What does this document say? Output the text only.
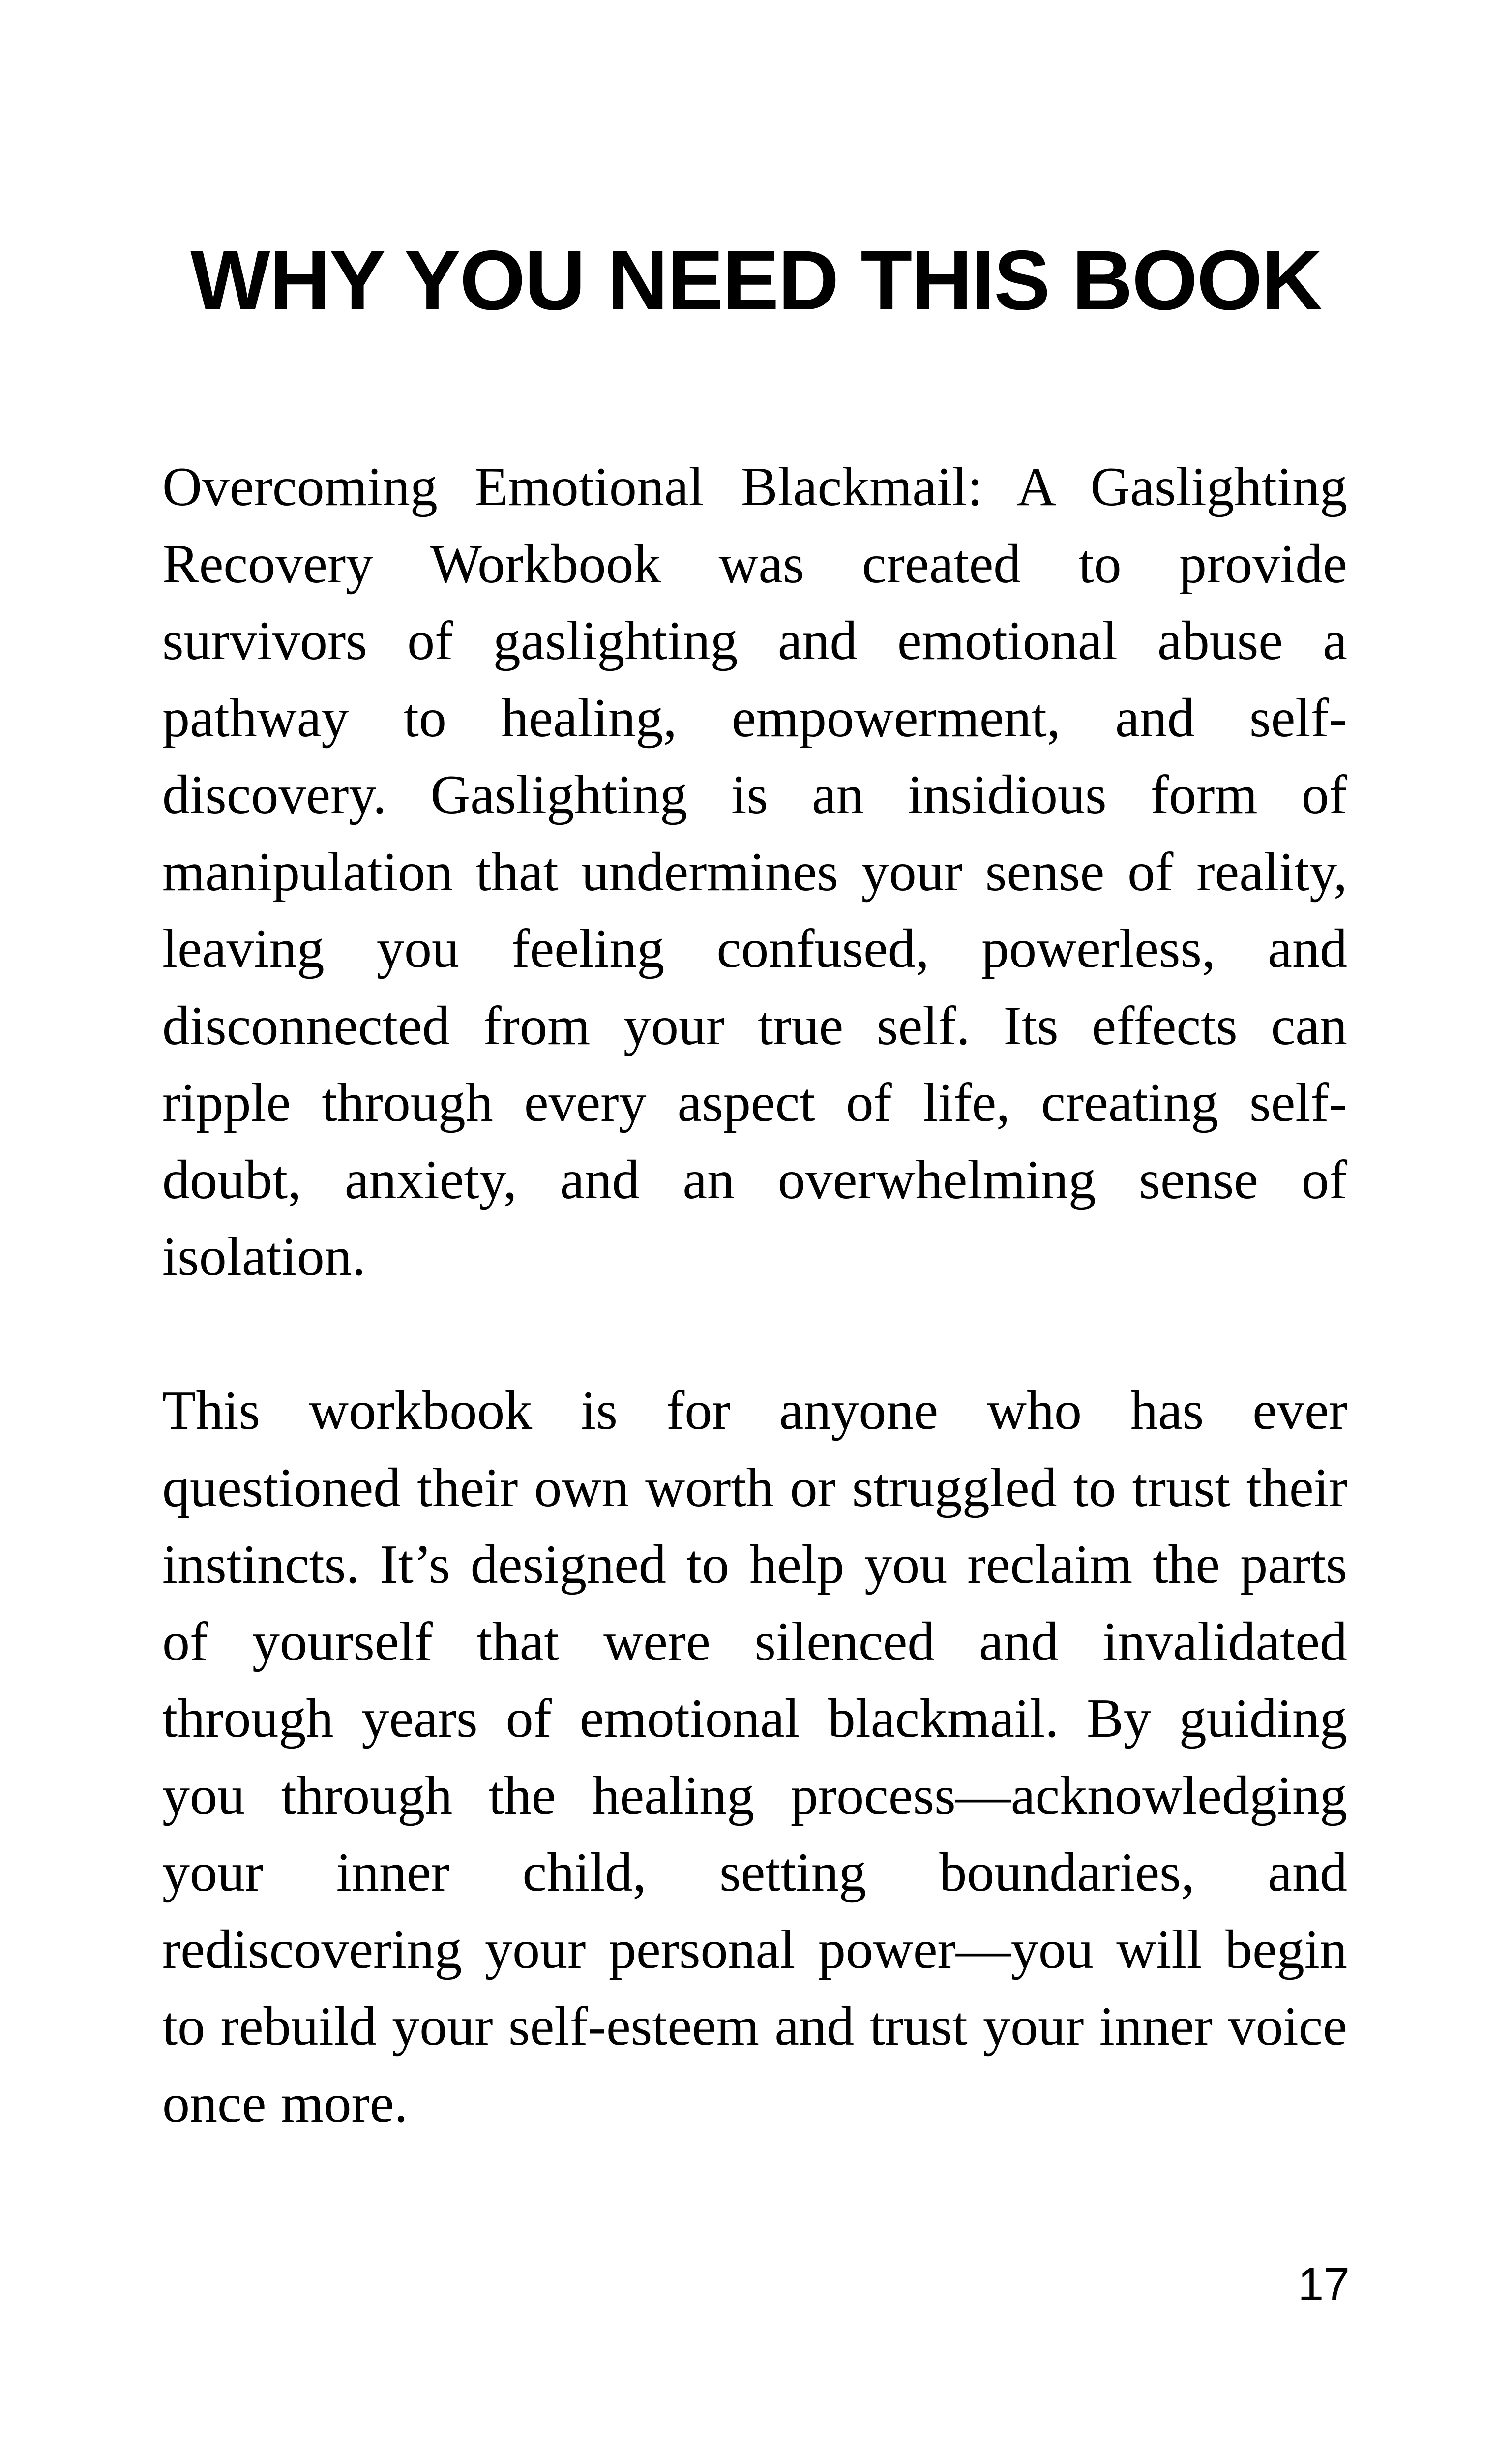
WHY YOU NEED THIS BOOK

Overcoming Emotional Blackmail: A Gaslighting Recovery Workbook was created to provide survivors of gaslighting and emotional abuse a pathway to healing, empowerment, and self-discovery. Gaslighting is an insidious form of manipulation that undermines your sense of reality, leaving you feeling confused, powerless, and disconnected from your true self. Its effects can ripple through every aspect of life, creating self-doubt, anxiety, and an overwhelming sense of isolation.

This workbook is for anyone who has ever questioned their own worth or struggled to trust their instincts. It’s designed to help you reclaim the parts of yourself that were silenced and invalidated through years of emotional blackmail. By guiding you through the healing process—acknowledging your inner child, setting boundaries, and rediscovering your personal power—you will begin to rebuild your self-esteem and trust your inner voice once more.

17
